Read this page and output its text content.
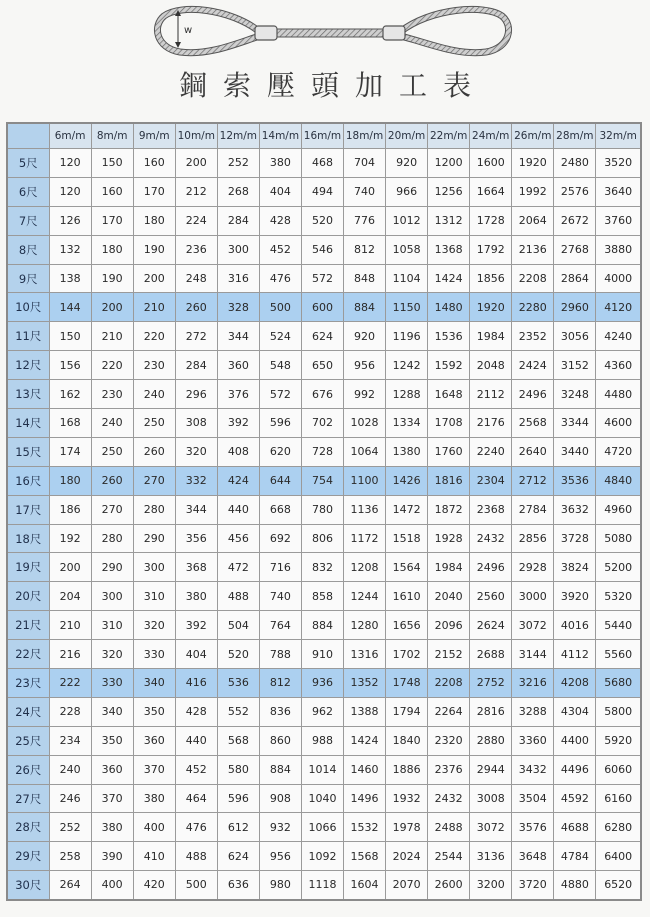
w
鋼索壓頭加工表
	6m/m	8m/m	9m/m	10m/m	12m/m	14m/m	16m/m	18m/m	20m/m	22m/m	24m/m	26m/m	28m/m	32m/m
5尺	120	150	160	200	252	380	468	704	920	1200	1600	1920	2480	3520
6尺	120	160	170	212	268	404	494	740	966	1256	1664	1992	2576	3640
7尺	126	170	180	224	284	428	520	776	1012	1312	1728	2064	2672	3760
8尺	132	180	190	236	300	452	546	812	1058	1368	1792	2136	2768	3880
9尺	138	190	200	248	316	476	572	848	1104	1424	1856	2208	2864	4000
10尺	144	200	210	260	328	500	600	884	1150	1480	1920	2280	2960	4120
11尺	150	210	220	272	344	524	624	920	1196	1536	1984	2352	3056	4240
12尺	156	220	230	284	360	548	650	956	1242	1592	2048	2424	3152	4360
13尺	162	230	240	296	376	572	676	992	1288	1648	2112	2496	3248	4480
14尺	168	240	250	308	392	596	702	1028	1334	1708	2176	2568	3344	4600
15尺	174	250	260	320	408	620	728	1064	1380	1760	2240	2640	3440	4720
16尺	180	260	270	332	424	644	754	1100	1426	1816	2304	2712	3536	4840
17尺	186	270	280	344	440	668	780	1136	1472	1872	2368	2784	3632	4960
18尺	192	280	290	356	456	692	806	1172	1518	1928	2432	2856	3728	5080
19尺	200	290	300	368	472	716	832	1208	1564	1984	2496	2928	3824	5200
20尺	204	300	310	380	488	740	858	1244	1610	2040	2560	3000	3920	5320
21尺	210	310	320	392	504	764	884	1280	1656	2096	2624	3072	4016	5440
22尺	216	320	330	404	520	788	910	1316	1702	2152	2688	3144	4112	5560
23尺	222	330	340	416	536	812	936	1352	1748	2208	2752	3216	4208	5680
24尺	228	340	350	428	552	836	962	1388	1794	2264	2816	3288	4304	5800
25尺	234	350	360	440	568	860	988	1424	1840	2320	2880	3360	4400	5920
26尺	240	360	370	452	580	884	1014	1460	1886	2376	2944	3432	4496	6060
27尺	246	370	380	464	596	908	1040	1496	1932	2432	3008	3504	4592	6160
28尺	252	380	400	476	612	932	1066	1532	1978	2488	3072	3576	4688	6280
29尺	258	390	410	488	624	956	1092	1568	2024	2544	3136	3648	4784	6400
30尺	264	400	420	500	636	980	1118	1604	2070	2600	3200	3720	4880	6520
